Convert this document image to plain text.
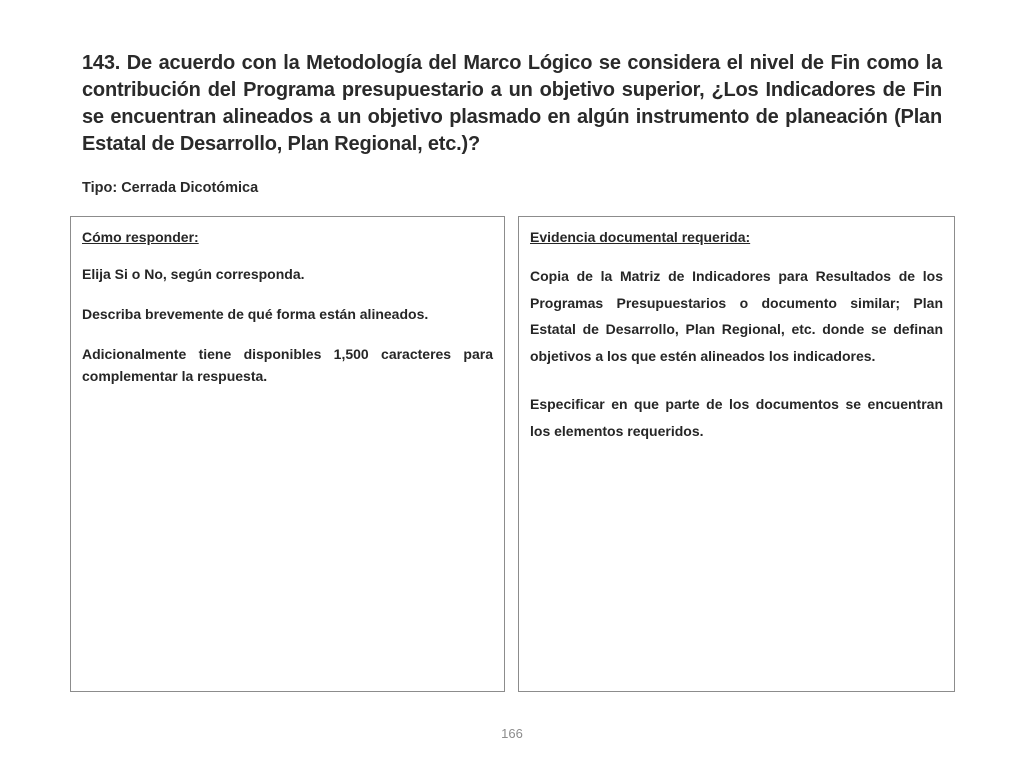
143. De acuerdo con la Metodología del Marco Lógico se considera el nivel de Fin como la contribución del Programa presupuestario a un objetivo superior, ¿Los Indicadores de Fin se encuentran alineados a un objetivo plasmado en algún instrumento de planeación (Plan Estatal de Desarrollo, Plan Regional, etc.)?

Tipo: Cerrada Dicotómica

Cómo responder:

Elija Si o No, según corresponda.

Describa brevemente de qué forma están alineados.

Adicionalmente tiene disponibles 1,500 caracteres para complementar la respuesta.

Evidencia documental requerida:

Copia de la Matriz de Indicadores para Resultados de los Programas Presupuestarios o documento similar; Plan Estatal de Desarrollo, Plan Regional, etc. donde se definan objetivos a los que estén alineados los indicadores.

Especificar en que parte de los documentos se encuentran los elementos requeridos.

166
